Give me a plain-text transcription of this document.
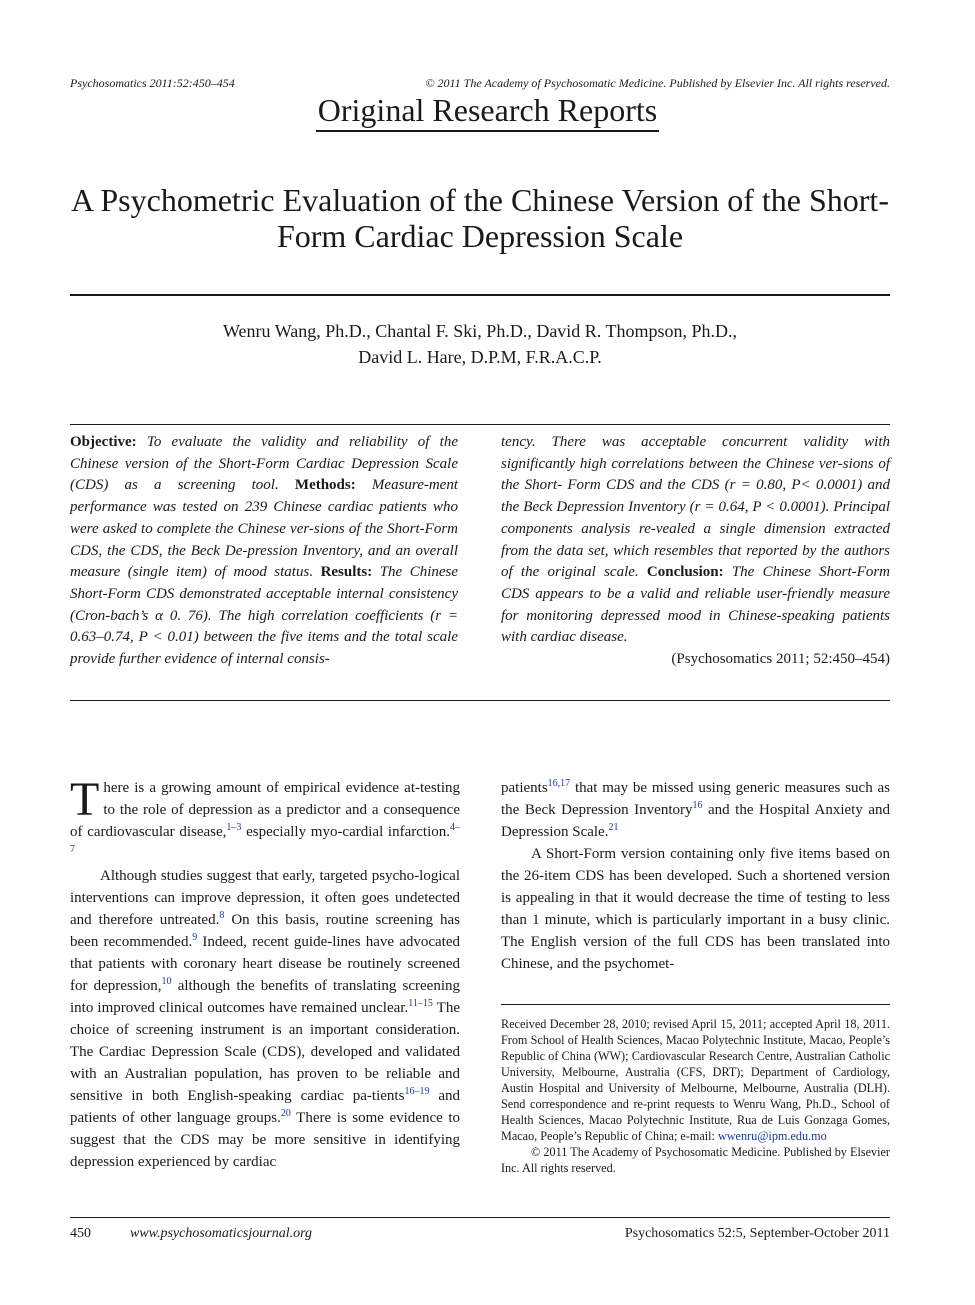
Psychosomatics 2011:52:450–454	© 2011 The Academy of Psychosomatic Medicine. Published by Elsevier Inc. All rights reserved.
Original Research Reports
A Psychometric Evaluation of the Chinese Version of the Short-Form Cardiac Depression Scale
Wenru Wang, Ph.D., Chantal F. Ski, Ph.D., David R. Thompson, Ph.D.,
David L. Hare, D.P.M, F.R.A.C.P.
Objective: To evaluate the validity and reliability of the Chinese version of the Short-Form Cardiac Depression Scale (CDS) as a screening tool. Methods: Measure-ment performance was tested on 239 Chinese cardiac patients who were asked to complete the Chinese ver-sions of the Short-Form CDS, the CDS, the Beck De-pression Inventory, and an overall measure (single item) of mood status. Results: The Chinese Short-Form CDS demonstrated acceptable internal consistency (Cron-bach’s α 0. 76). The high correlation coefficients (r = 0.63–0.74, P < 0.01) between the five items and the total scale provide further evidence of internal consis-
tency. There was acceptable concurrent validity with significantly high correlations between the Chinese ver-sions of the Short- Form CDS and the CDS (r = 0.80, P< 0.0001) and the Beck Depression Inventory (r = 0.64, P < 0.0001). Principal components analysis re-vealed a single dimension extracted from the data set, which resembles that reported by the authors of the original scale. Conclusion: The Chinese Short-Form CDS appears to be a valid and reliable user-friendly measure for monitoring depressed mood in Chinese-speaking patients with cardiac disease.
(Psychosomatics 2011; 52:450–454)

There is a growing amount of empirical evidence at-testing to the role of depression as a predictor and a consequence of cardiovascular disease,$^{1-3}$ especially myo-cardial infarction.$^{4-7}$

Although studies suggest that early, targeted psycho-logical interventions can improve depression, it often goes undetected and therefore untreated.$^8$ On this basis, routine screening has been recommended.$^9$ Indeed, recent guide-lines have advocated that patients with coronary heart disease be routinely screened for depression,$^{10}$ although the benefits of translating screening into improved clinical outcomes have remained unclear.$^{11-15}$ The choice of screening instrument is an important consideration. The Cardiac Depression Scale (CDS), developed and validated with an Australian population, has proven to be reliable and sensitive in both English-speaking cardiac pa-tients$^{16-19}$ and patients of other language groups.$^{20}$ There is some evidence to suggest that the CDS may be more sensitive in identifying depression experienced by cardiac

patients$^{16,17}$ that may be missed using generic measures such as the Beck Depression Inventory$^{16}$ and the Hospital Anxiety and Depression Scale.$^{21}$

A Short-Form version containing only five items based on the 26-item CDS has been developed. Such a shortened version is appealing in that it would decrease the time of testing to less than 1 minute, which is particularly important in a busy clinic. The English version of the full CDS has been translated into Chinese, and the psychomet-

Received December 28, 2010; revised April 15, 2011; accepted April 18, 2011. From School of Health Sciences, Macao Polytechnic Institute, Macao, People’s Republic of China (WW); Cardiovascular Research Centre, Australian Catholic University, Melbourne, Australia (CFS, DRT); Department of Cardiology, Austin Hospital and University of Melbourne, Melbourne, Australia (DLH). Send correspondence and re-print requests to Wenru Wang, Ph.D., School of Health Sciences, Macao Polytechnic Institute, Rua de Luis Gonzaga Gomes, Macao, People’s Republic of China; e-mail: wwenru@ipm.edu.mo

© 2011 The Academy of Psychosomatic Medicine. Published by Elsevier Inc. All rights reserved.

450	www.psychosomaticsjournal.org	Psychosomatics 52:5, September-October 2011
